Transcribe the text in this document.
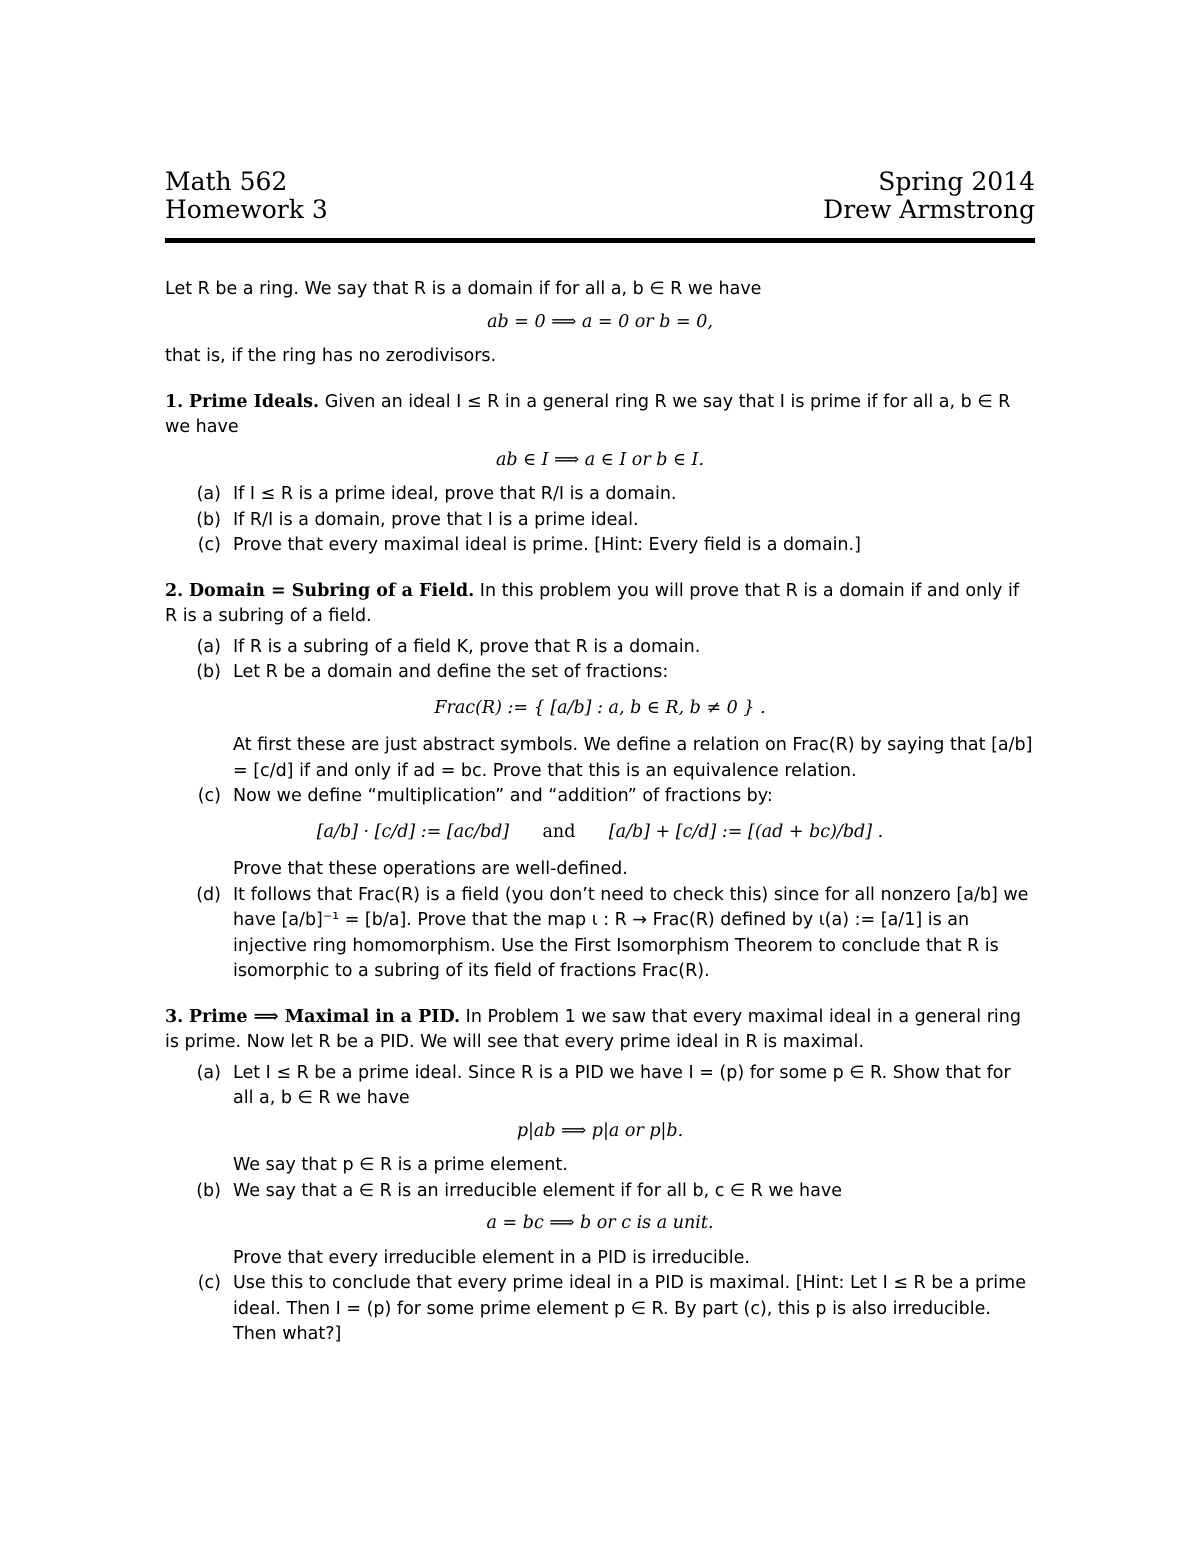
Math 562
Homework 3
Spring 2014
Drew Armstrong

Let R be a ring. We say that R is a domain if for all a, b ∈ R we have

ab = 0 ⟹ a = 0 or b = 0,

that is, if the ring has no zerodivisors.

1. Prime Ideals. Given an ideal I ≤ R in a general ring R we say that I is prime if for all a, b ∈ R we have

ab ∈ I ⟹ a ∈ I or b ∈ I.

(a) If I ≤ R is a prime ideal, prove that R/I is a domain.
(b) If R/I is a domain, prove that I is a prime ideal.
(c) Prove that every maximal ideal is prime. [Hint: Every field is a domain.]

2. Domain = Subring of a Field. In this problem you will prove that R is a domain if and only if R is a subring of a field.

(a) If R is a subring of a field K, prove that R is a domain.
(b) Let R be a domain and define the set of fractions:

Frac(R) := { [a/b] : a, b ∈ R, b ≠ 0 } .

At first these are just abstract symbols. We define a relation on Frac(R) by saying that [a/b] = [c/d] if and only if ad = bc. Prove that this is an equivalence relation.
(c) Now we define “multiplication” and “addition” of fractions by:

[a/b] · [c/d] := [ac/bd] and [a/b] + [c/d] := [(ad + bc)/bd] .

Prove that these operations are well-defined.
(d) It follows that Frac(R) is a field (you don’t need to check this) since for all nonzero [a/b] we have [a/b]⁻¹ = [b/a]. Prove that the map ι : R → Frac(R) defined by ι(a) := [a/1] is an injective ring homomorphism. Use the First Isomorphism Theorem to conclude that R is isomorphic to a subring of its field of fractions Frac(R).

3. Prime ⟹ Maximal in a PID. In Problem 1 we saw that every maximal ideal in a general ring is prime. Now let R be a PID. We will see that every prime ideal in R is maximal.

(a) Let I ≤ R be a prime ideal. Since R is a PID we have I = (p) for some p ∈ R. Show that for all a, b ∈ R we have

p|ab ⟹ p|a or p|b.

We say that p ∈ R is a prime element.
(b) We say that a ∈ R is an irreducible element if for all b, c ∈ R we have

a = bc ⟹ b or c is a unit.

Prove that every irreducible element in a PID is irreducible.
(c) Use this to conclude that every prime ideal in a PID is maximal. [Hint: Let I ≤ R be a prime ideal. Then I = (p) for some prime element p ∈ R. By part (c), this p is also irreducible. Then what?]
